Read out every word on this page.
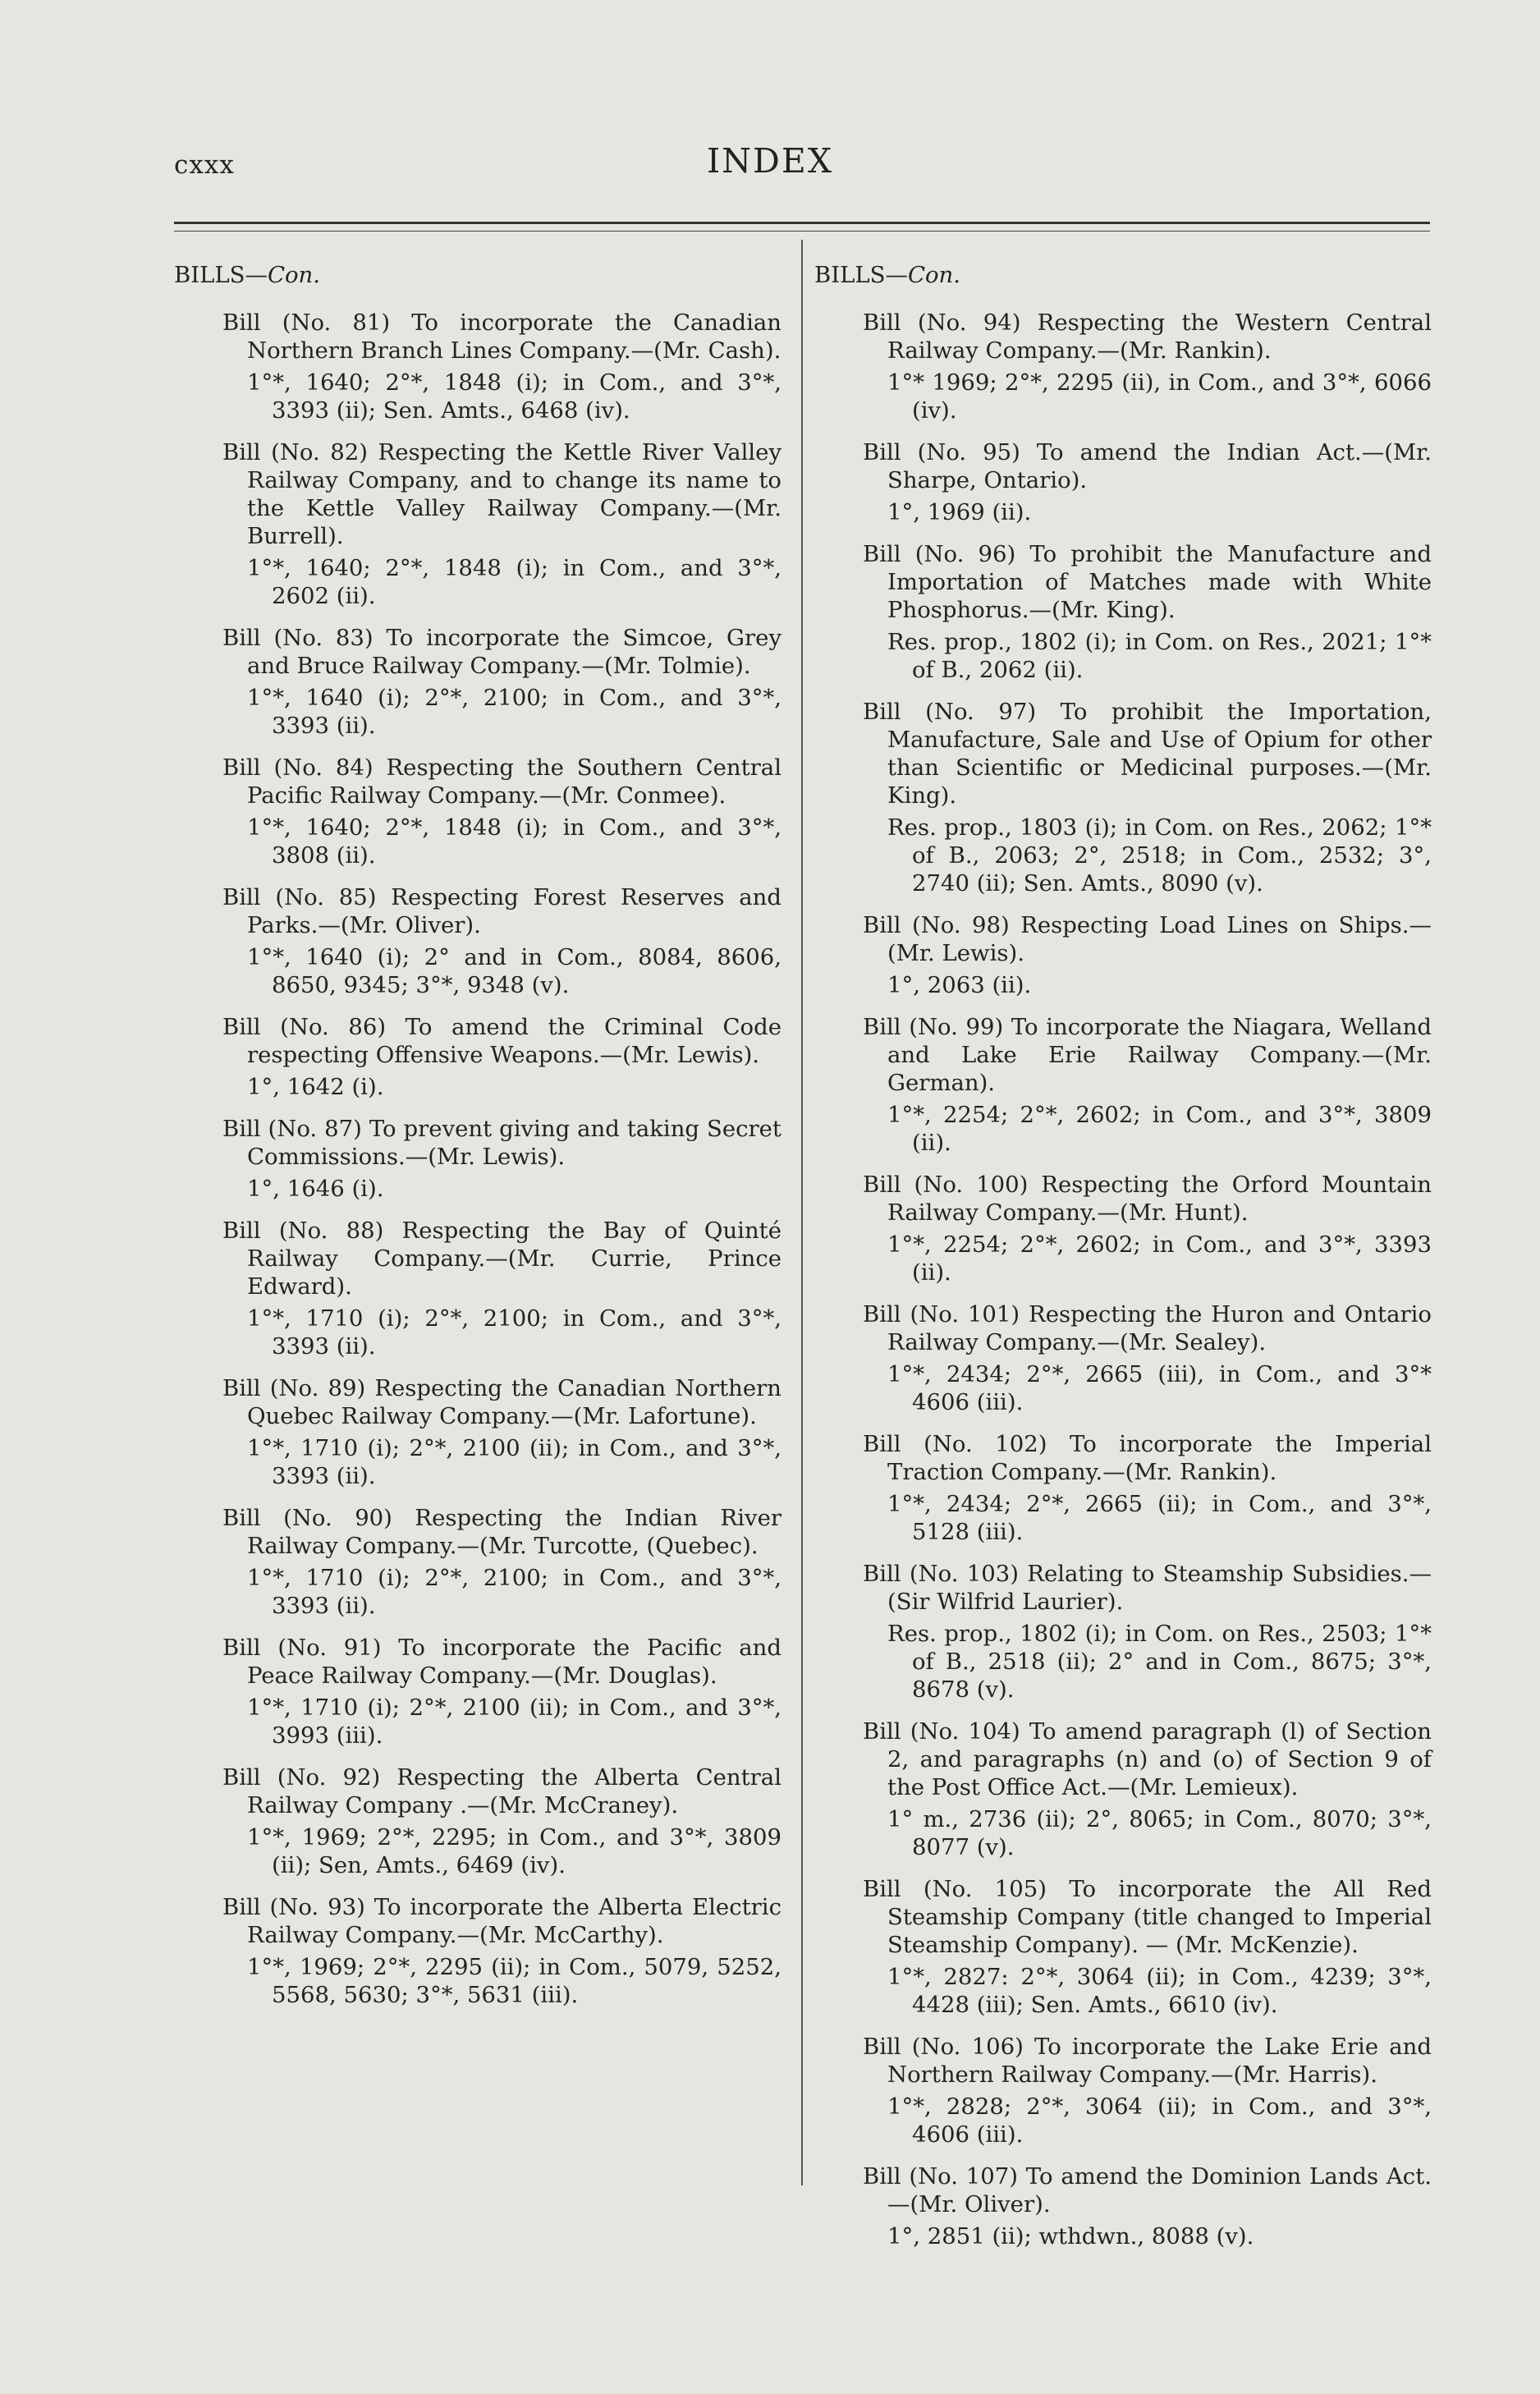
cxxx	INDEX
BILLS—Con.
Bill (No. 81) To incorporate the Canadian Northern Branch Lines Company.—(Mr. Cash).
1°*, 1640; 2°*, 1848 (i); in Com., and 3°*, 3393 (ii); Sen. Amts., 6468 (iv).
Bill (No. 82) Respecting the Kettle River Valley Railway Company, and to change its name to the Kettle Valley Railway Company.—(Mr. Burrell).
1°*, 1640; 2°*, 1848 (i); in Com., and 3°*, 2602 (ii).
Bill (No. 83) To incorporate the Simcoe, Grey and Bruce Railway Company.—(Mr. Tolmie).
1°*, 1640 (i); 2°*, 2100; in Com., and 3°*, 3393 (ii).
Bill (No. 84) Respecting the Southern Central Pacific Railway Company.—(Mr. Conmee).
1°*, 1640; 2°*, 1848 (i); in Com., and 3°*, 3808 (ii).
Bill (No. 85) Respecting Forest Reserves and Parks.—(Mr. Oliver).
1°*, 1640 (i); 2° and in Com., 8084, 8606, 8650, 9345; 3°*, 9348 (v).
Bill (No. 86) To amend the Criminal Code respecting Offensive Weapons.—(Mr. Lewis).
1°, 1642 (i).
Bill (No. 87) To prevent giving and taking Secret Commissions.—(Mr. Lewis).
1°, 1646 (i).
Bill (No. 88) Respecting the Bay of Quinté Railway Company.—(Mr. Currie, Prince Edward).
1°*, 1710 (i); 2°*, 2100; in Com., and 3°*, 3393 (ii).
Bill (No. 89) Respecting the Canadian Northern Quebec Railway Company.—(Mr. Lafortune).
1°*, 1710 (i); 2°*, 2100 (ii); in Com., and 3°*, 3393 (ii).
Bill (No. 90) Respecting the Indian River Railway Company.—(Mr. Turcotte, (Quebec).
1°*, 1710 (i); 2°*, 2100; in Com., and 3°*, 3393 (ii).
Bill (No. 91) To incorporate the Pacific and Peace Railway Company.—(Mr. Douglas).
1°*, 1710 (i); 2°*, 2100 (ii); in Com., and 3°*, 3993 (iii).
Bill (No. 92) Respecting the Alberta Central Railway Company .—(Mr. McCraney).
1°*, 1969; 2°*, 2295; in Com., and 3°*, 3809 (ii); Sen, Amts., 6469 (iv).
Bill (No. 93) To incorporate the Alberta Electric Railway Company.—(Mr. McCarthy).
1°*, 1969; 2°*, 2295 (ii); in Com., 5079, 5252, 5568, 5630; 3°*, 5631 (iii).
BILLS—Con.
Bill (No. 94) Respecting the Western Central Railway Company.—(Mr. Rankin).
1°* 1969; 2°*, 2295 (ii), in Com., and 3°*, 6066 (iv).
Bill (No. 95) To amend the Indian Act.—(Mr. Sharpe, Ontario).
1°, 1969 (ii).
Bill (No. 96) To prohibit the Manufacture and Importation of Matches made with White Phosphorus.—(Mr. King).
Res. prop., 1802 (i); in Com. on Res., 2021; 1°* of B., 2062 (ii).
Bill (No. 97) To prohibit the Importation, Manufacture, Sale and Use of Opium for other than Scientific or Medicinal purposes.—(Mr. King).
Res. prop., 1803 (i); in Com. on Res., 2062; 1°* of B., 2063; 2°, 2518; in Com., 2532; 3°, 2740 (ii); Sen. Amts., 8090 (v).
Bill (No. 98) Respecting Load Lines on Ships.—(Mr. Lewis).
1°, 2063 (ii).
Bill (No. 99) To incorporate the Niagara, Welland and Lake Erie Railway Company.—(Mr. German).
1°*, 2254; 2°*, 2602; in Com., and 3°*, 3809 (ii).
Bill (No. 100) Respecting the Orford Mountain Railway Company.—(Mr. Hunt).
1°*, 2254; 2°*, 2602; in Com., and 3°*, 3393 (ii).
Bill (No. 101) Respecting the Huron and Ontario Railway Company.—(Mr. Sealey).
1°*, 2434; 2°*, 2665 (iii), in Com., and 3°* 4606 (iii).
Bill (No. 102) To incorporate the Imperial Traction Company.—(Mr. Rankin).
1°*, 2434; 2°*, 2665 (ii); in Com., and 3°*, 5128 (iii).
Bill (No. 103) Relating to Steamship Subsidies.—(Sir Wilfrid Laurier).
Res. prop., 1802 (i); in Com. on Res., 2503; 1°* of B., 2518 (ii); 2° and in Com., 8675; 3°*, 8678 (v).
Bill (No. 104) To amend paragraph (l) of Section 2, and paragraphs (n) and (o) of Section 9 of the Post Office Act.—(Mr. Lemieux).
1° m., 2736 (ii); 2°, 8065; in Com., 8070; 3°*, 8077 (v).
Bill (No. 105) To incorporate the All Red Steamship Company (title changed to Imperial Steamship Company). — (Mr. McKenzie).
1°*, 2827: 2°*, 3064 (ii); in Com., 4239; 3°*, 4428 (iii); Sen. Amts., 6610 (iv).
Bill (No. 106) To incorporate the Lake Erie and Northern Railway Company.—(Mr. Harris).
1°*, 2828; 2°*, 3064 (ii); in Com., and 3°*, 4606 (iii).
Bill (No. 107) To amend the Dominion Lands Act.—(Mr. Oliver).
1°, 2851 (ii); wthdwn., 8088 (v).
